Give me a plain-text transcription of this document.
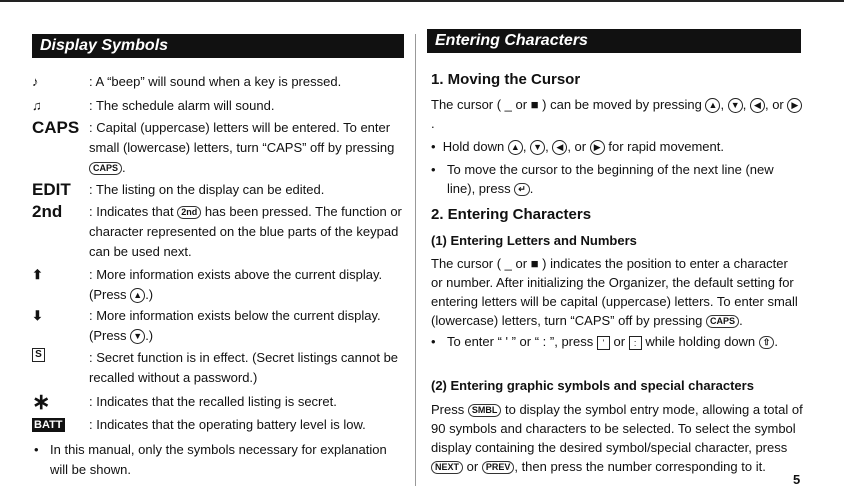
Display Symbols
♪	: A “beep” will sound when a key is pressed.
♫	: The schedule alarm will sound.
CAPS : Capital (uppercase) letters will be entered. To enter small (lowercase) letters, turn “CAPS” off by pressing CAPS .
EDIT : The listing on the display can be edited.
2nd : Indicates that 2nd has been pressed. The function or character represented on the blue parts of the keypad can be used next.
⬆	: More information exists above the current display. (Press ▲ .)
⬇	: More information exists below the current display. (Press ▼ .)
S	: Secret function is in effect. (Secret listings cannot be recalled without a password.)
∗	: Indicates that the recalled listing is secret.
BATT : Indicates that the operating battery level is low.
• In this manual, only the symbols necessary for explanation will be shown.
Entering Characters
1. Moving the Cursor
The cursor ( _ or ■ ) can be moved by pressing ▲ , ▼ , ◀ , or ▶.
• Hold down ▲ , ▼ , ◀ , or ▶ for rapid movement.
• To move the cursor to the beginning of the next line (new line), press ↵ .
2. Entering Characters
(1) Entering Letters and Numbers
The cursor ( _ or ■ ) indicates the position to enter a character or number. After initializing the Organizer, the default setting for entering letters will be capital (uppercase) letters. To enter small (lowercase) letters, turn “CAPS” off by pressing CAPS .
• To enter “ ' ” or “ : ”, press ' or : while holding down ⇧ .
(2) Entering graphic symbols and special characters
Press SMBL to display the symbol entry mode, allowing a total of 90 symbols and characters to be selected. To select the symbol display containing the desired symbol/special character, press NEXT or PREV , then press the number corresponding to it.
5
